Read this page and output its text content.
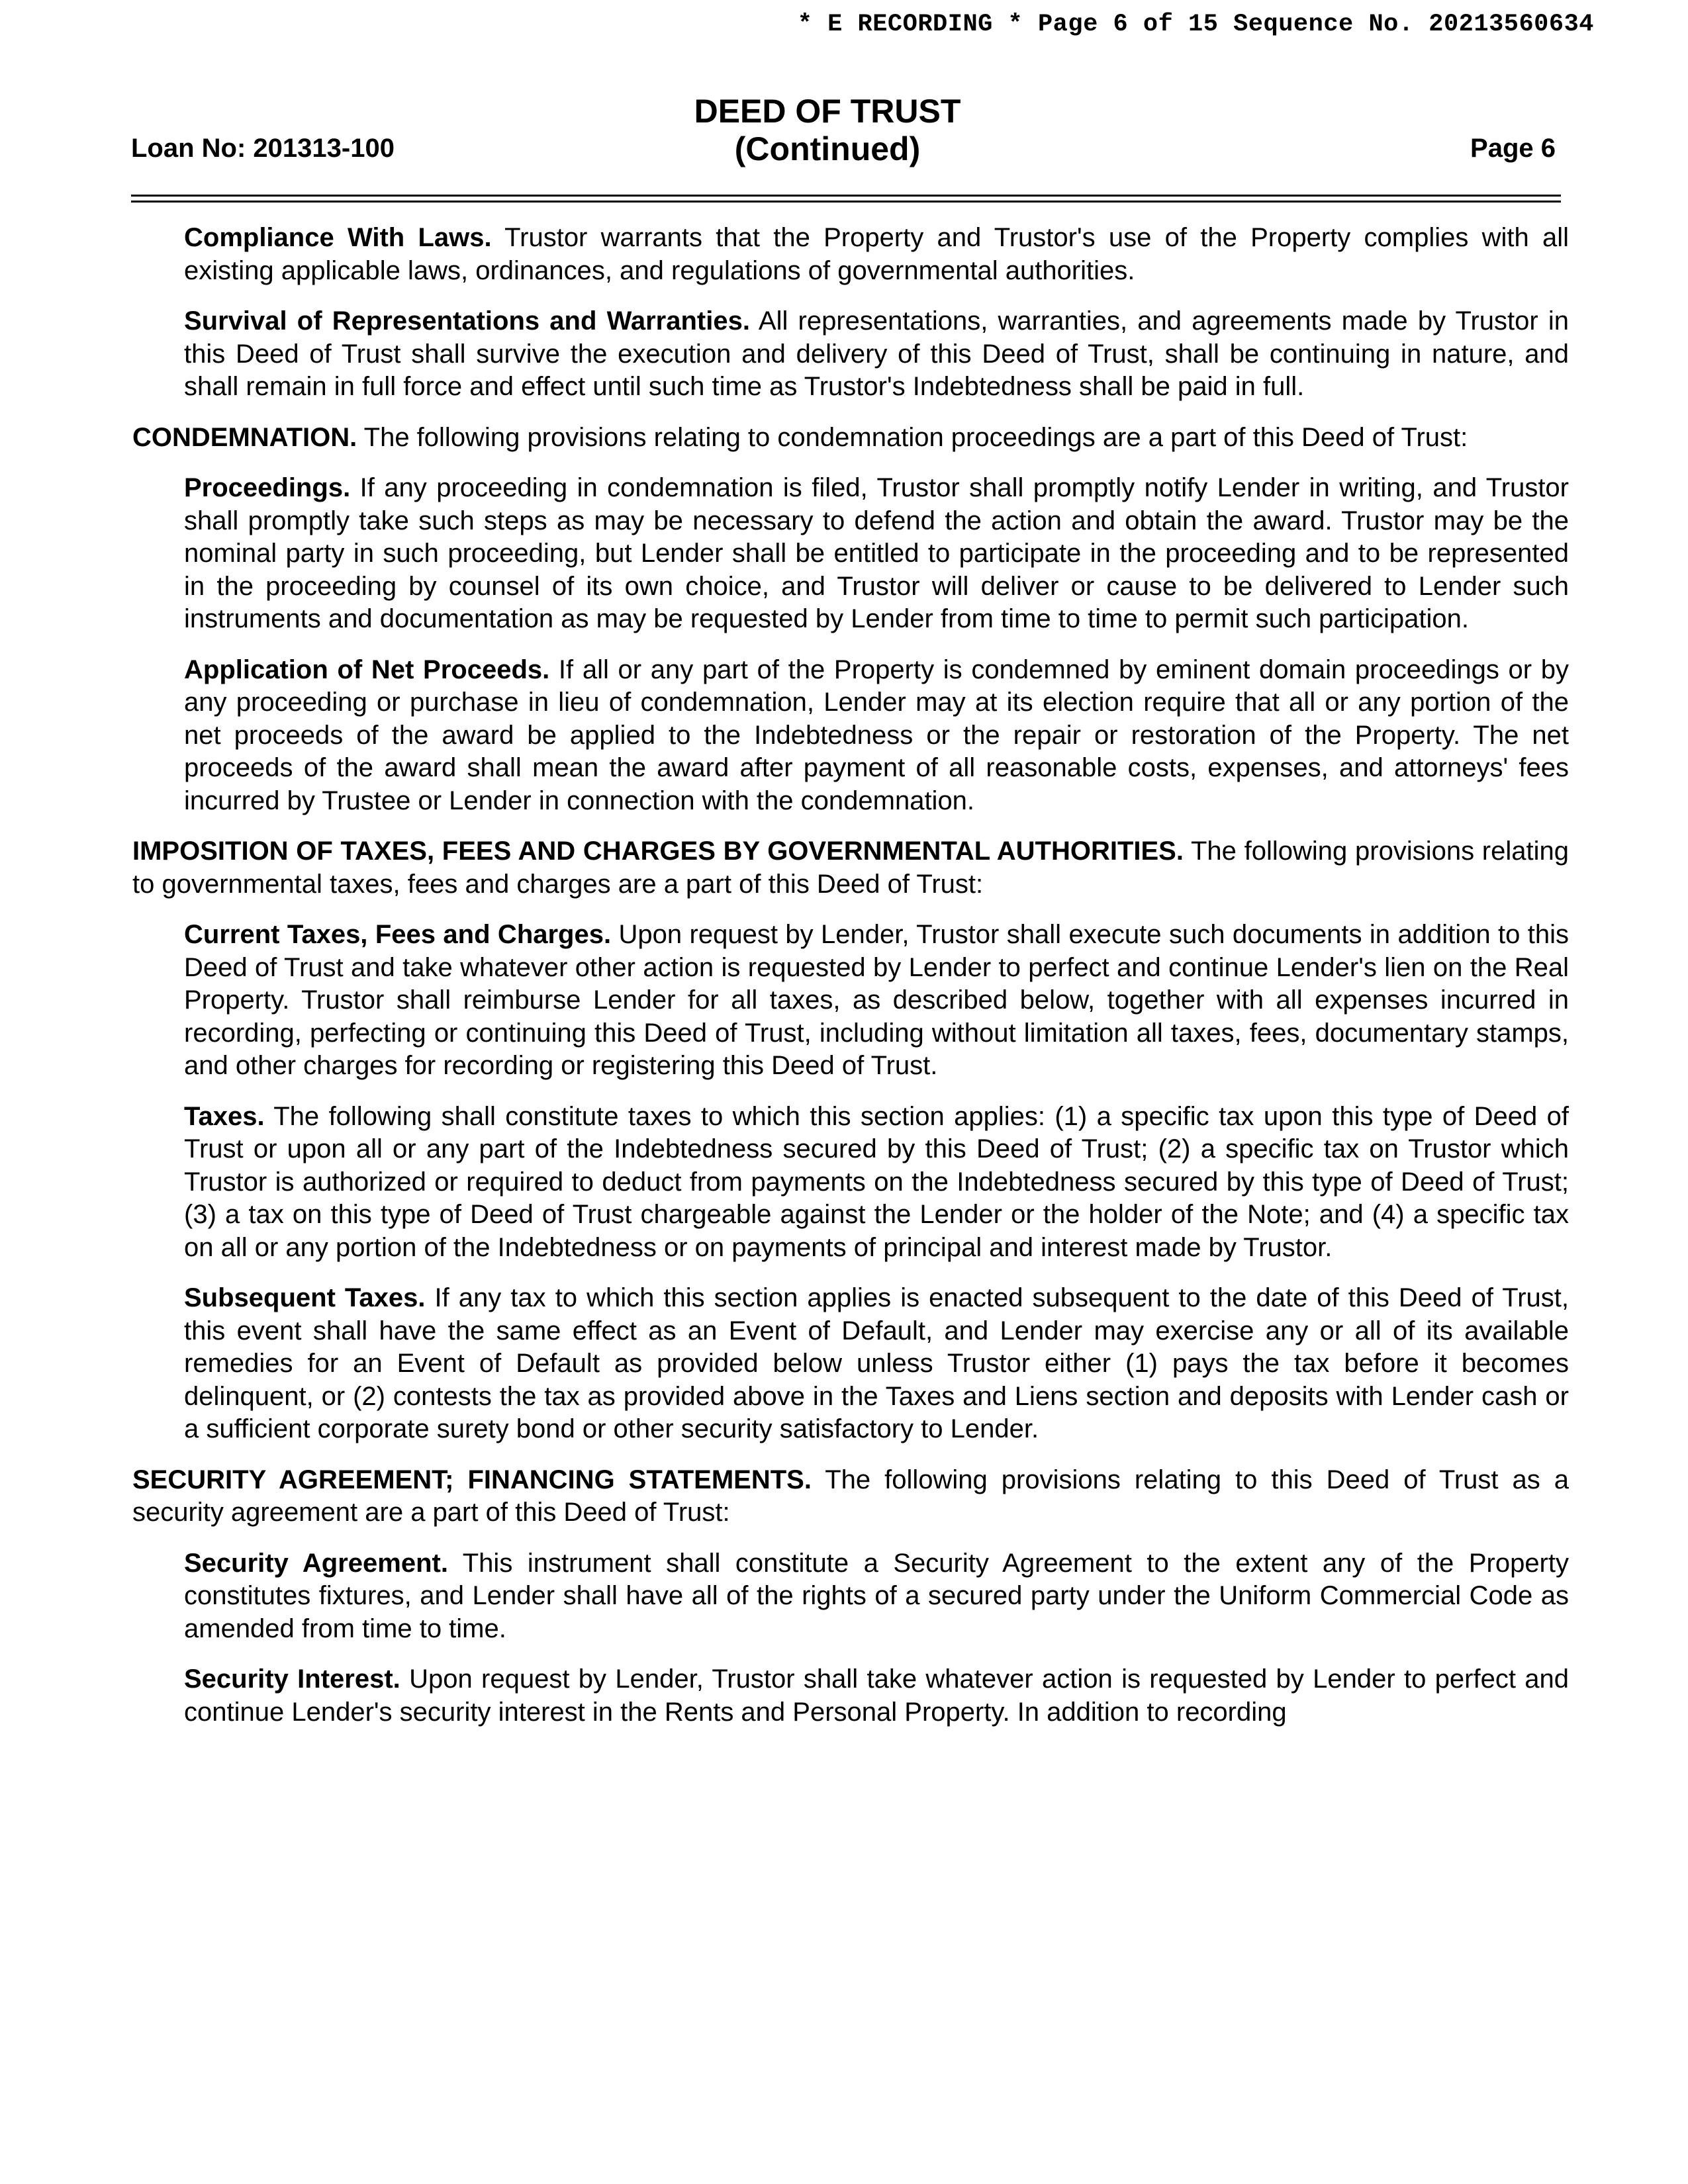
* E RECORDING * Page 6 of 15 Sequence No. 20213560634
Loan No: 201313-100
DEED OF TRUST
(Continued)	Page 6

Compliance With Laws. Trustor warrants that the Property and Trustor's use of the Property complies with all existing applicable laws, ordinances, and regulations of governmental authorities.

Survival of Representations and Warranties. All representations, warranties, and agreements made by Trustor in this Deed of Trust shall survive the execution and delivery of this Deed of Trust, shall be continuing in nature, and shall remain in full force and effect until such time as Trustor's Indebtedness shall be paid in full.

CONDEMNATION. The following provisions relating to condemnation proceedings are a part of this Deed of Trust:

Proceedings. If any proceeding in condemnation is filed, Trustor shall promptly notify Lender in writing, and Trustor shall promptly take such steps as may be necessary to defend the action and obtain the award. Trustor may be the nominal party in such proceeding, but Lender shall be entitled to participate in the proceeding and to be represented in the proceeding by counsel of its own choice, and Trustor will deliver or cause to be delivered to Lender such instruments and documentation as may be requested by Lender from time to time to permit such participation.

Application of Net Proceeds. If all or any part of the Property is condemned by eminent domain proceedings or by any proceeding or purchase in lieu of condemnation, Lender may at its election require that all or any portion of the net proceeds of the award be applied to the Indebtedness or the repair or restoration of the Property. The net proceeds of the award shall mean the award after payment of all reasonable costs, expenses, and attorneys' fees incurred by Trustee or Lender in connection with the condemnation.

IMPOSITION OF TAXES, FEES AND CHARGES BY GOVERNMENTAL AUTHORITIES. The following provisions relating to governmental taxes, fees and charges are a part of this Deed of Trust:

Current Taxes, Fees and Charges. Upon request by Lender, Trustor shall execute such documents in addition to this Deed of Trust and take whatever other action is requested by Lender to perfect and continue Lender's lien on the Real Property. Trustor shall reimburse Lender for all taxes, as described below, together with all expenses incurred in recording, perfecting or continuing this Deed of Trust, including without limitation all taxes, fees, documentary stamps, and other charges for recording or registering this Deed of Trust.

Taxes. The following shall constitute taxes to which this section applies: (1) a specific tax upon this type of Deed of Trust or upon all or any part of the Indebtedness secured by this Deed of Trust; (2) a specific tax on Trustor which Trustor is authorized or required to deduct from payments on the Indebtedness secured by this type of Deed of Trust; (3) a tax on this type of Deed of Trust chargeable against the Lender or the holder of the Note; and (4) a specific tax on all or any portion of the Indebtedness or on payments of principal and interest made by Trustor.

Subsequent Taxes. If any tax to which this section applies is enacted subsequent to the date of this Deed of Trust, this event shall have the same effect as an Event of Default, and Lender may exercise any or all of its available remedies for an Event of Default as provided below unless Trustor either (1) pays the tax before it becomes delinquent, or (2) contests the tax as provided above in the Taxes and Liens section and deposits with Lender cash or a sufficient corporate surety bond or other security satisfactory to Lender.

SECURITY AGREEMENT; FINANCING STATEMENTS. The following provisions relating to this Deed of Trust as a security agreement are a part of this Deed of Trust:

Security Agreement. This instrument shall constitute a Security Agreement to the extent any of the Property constitutes fixtures, and Lender shall have all of the rights of a secured party under the Uniform Commercial Code as amended from time to time.

Security Interest. Upon request by Lender, Trustor shall take whatever action is requested by Lender to perfect and continue Lender's security interest in the Rents and Personal Property. In addition to recording
